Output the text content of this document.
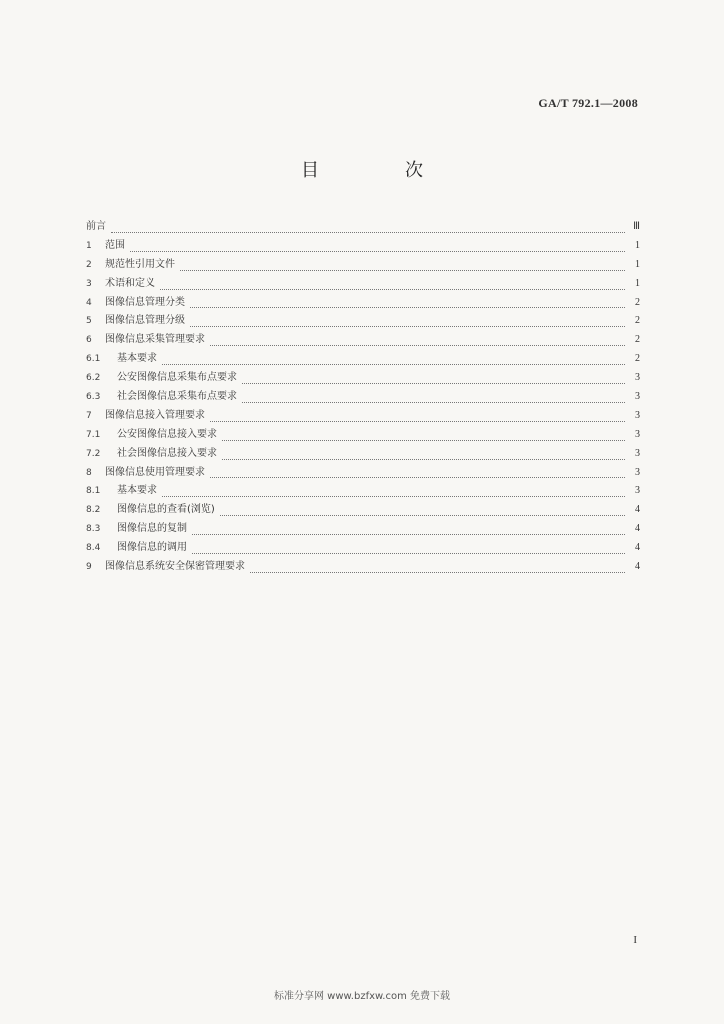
GA/T 792.1—2008
目　次
前言	Ⅲ
1	范围	1
2	规范性引用文件	1
3	术语和定义	1
4	图像信息管理分类	2
5	图像信息管理分级	2
6	图像信息采集管理要求	2
6.1	基本要求	2
6.2	公安图像信息采集布点要求	3
6.3	社会图像信息采集布点要求	3
7	图像信息接入管理要求	3
7.1	公安图像信息接入要求	3
7.2	社会图像信息接入要求	3
8	图像信息使用管理要求	3
8.1	基本要求	3
8.2	图像信息的查看(浏览)	4
8.3	图像信息的复制	4
8.4	图像信息的调用	4
9	图像信息系统安全保密管理要求	4
I
标准分享网 www.bzfxw.com 免费下载
